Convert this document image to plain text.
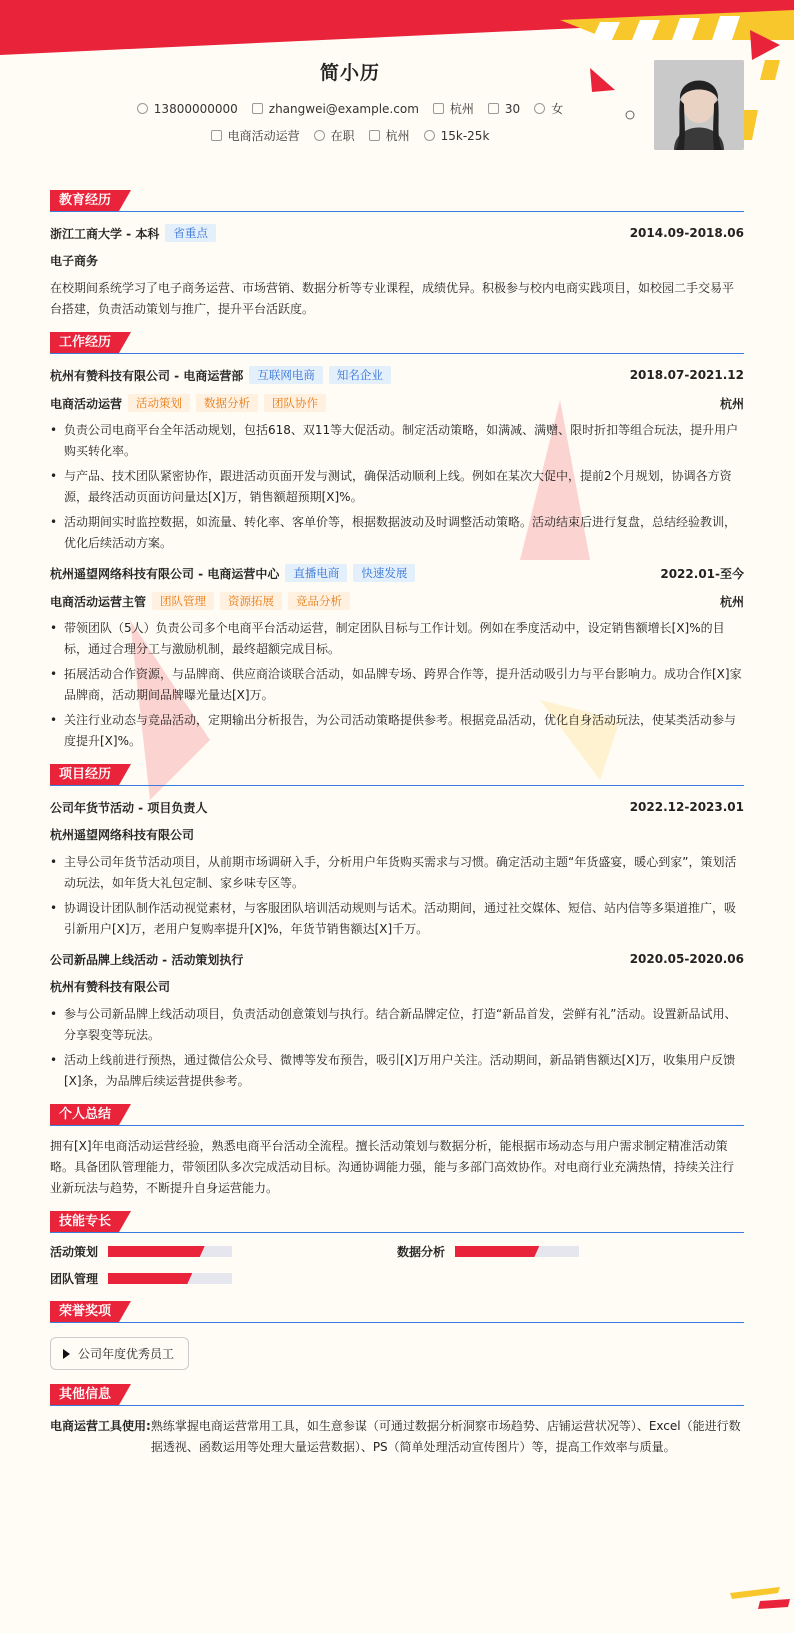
简小历
13800000000	zhangwei@example.com	杭州	30	女
电商活动运营	在职	杭州	15k-25k
教育经历
浙江工商大学 - 本科	省重点	2014.09-2018.06
电子商务
在校期间系统学习了电子商务运营、市场营销、数据分析等专业课程，成绩优异。积极参与校内电商实践项目，如校园二手交易平台搭建，负责活动策划与推广，提升平台活跃度。
工作经历
杭州有赞科技有限公司 - 电商运营部	互联网电商	知名企业	2018.07-2021.12
电商活动运营	活动策划	数据分析	团队协作	杭州
• 负责公司电商平台全年活动规划，包括618、双11等大促活动。制定活动策略，如满减、满赠、限时折扣等组合玩法，提升用户购买转化率。
• 与产品、技术团队紧密协作，跟进活动页面开发与测试，确保活动顺利上线。例如在某次大促中，提前2个月规划，协调各方资源，最终活动页面访问量达[X]万，销售额超预期[X]%。
• 活动期间实时监控数据，如流量、转化率、客单价等，根据数据波动及时调整活动策略。活动结束后进行复盘，总结经验教训，优化后续活动方案。
杭州遥望网络科技有限公司 - 电商运营中心	直播电商	快速发展	2022.01-至今
电商活动运营主管	团队管理	资源拓展	竞品分析	杭州
• 带领团队（5人）负责公司多个电商平台活动运营，制定团队目标与工作计划。例如在季度活动中，设定销售额增长[X]%的目标，通过合理分工与激励机制，最终超额完成目标。
• 拓展活动合作资源，与品牌商、供应商洽谈联合活动，如品牌专场、跨界合作等，提升活动吸引力与平台影响力。成功合作[X]家品牌商，活动期间品牌曝光量达[X]万。
• 关注行业动态与竞品活动，定期输出分析报告，为公司活动策略提供参考。根据竞品活动，优化自身活动玩法，使某类活动参与度提升[X]%。
项目经历
公司年货节活动 - 项目负责人	2022.12-2023.01
杭州遥望网络科技有限公司
• 主导公司年货节活动项目，从前期市场调研入手，分析用户年货购买需求与习惯。确定活动主题“年货盛宴，暖心到家”，策划活动玩法，如年货大礼包定制、家乡味专区等。
• 协调设计团队制作活动视觉素材，与客服团队培训活动规则与话术。活动期间，通过社交媒体、短信、站内信等多渠道推广，吸引新用户[X]万，老用户复购率提升[X]%，年货节销售额达[X]千万。
公司新品牌上线活动 - 活动策划执行	2020.05-2020.06
杭州有赞科技有限公司
• 参与公司新品牌上线活动项目，负责活动创意策划与执行。结合新品牌定位，打造“新品首发，尝鲜有礼”活动。设置新品试用、分享裂变等玩法。
• 活动上线前进行预热，通过微信公众号、微博等发布预告，吸引[X]万用户关注。活动期间，新品销售额达[X]万，收集用户反馈[X]条，为品牌后续运营提供参考。
个人总结
拥有[X]年电商活动运营经验，熟悉电商平台活动全流程。擅长活动策划与数据分析，能根据市场动态与用户需求制定精准活动策略。具备团队管理能力，带领团队多次完成活动目标。沟通协调能力强，能与多部门高效协作。对电商行业充满热情，持续关注行业新玩法与趋势，不断提升自身运营能力。
技能专长
活动策划	数据分析
团队管理
荣誉奖项
公司年度优秀员工
其他信息
电商运营工具使用: 熟练掌握电商运营常用工具，如生意参谋（可通过数据分析洞察市场趋势、店铺运营状况等）、Excel（能进行数据透视、函数运用等处理大量运营数据）、PS（简单处理活动宣传图片）等，提高工作效率与质量。
